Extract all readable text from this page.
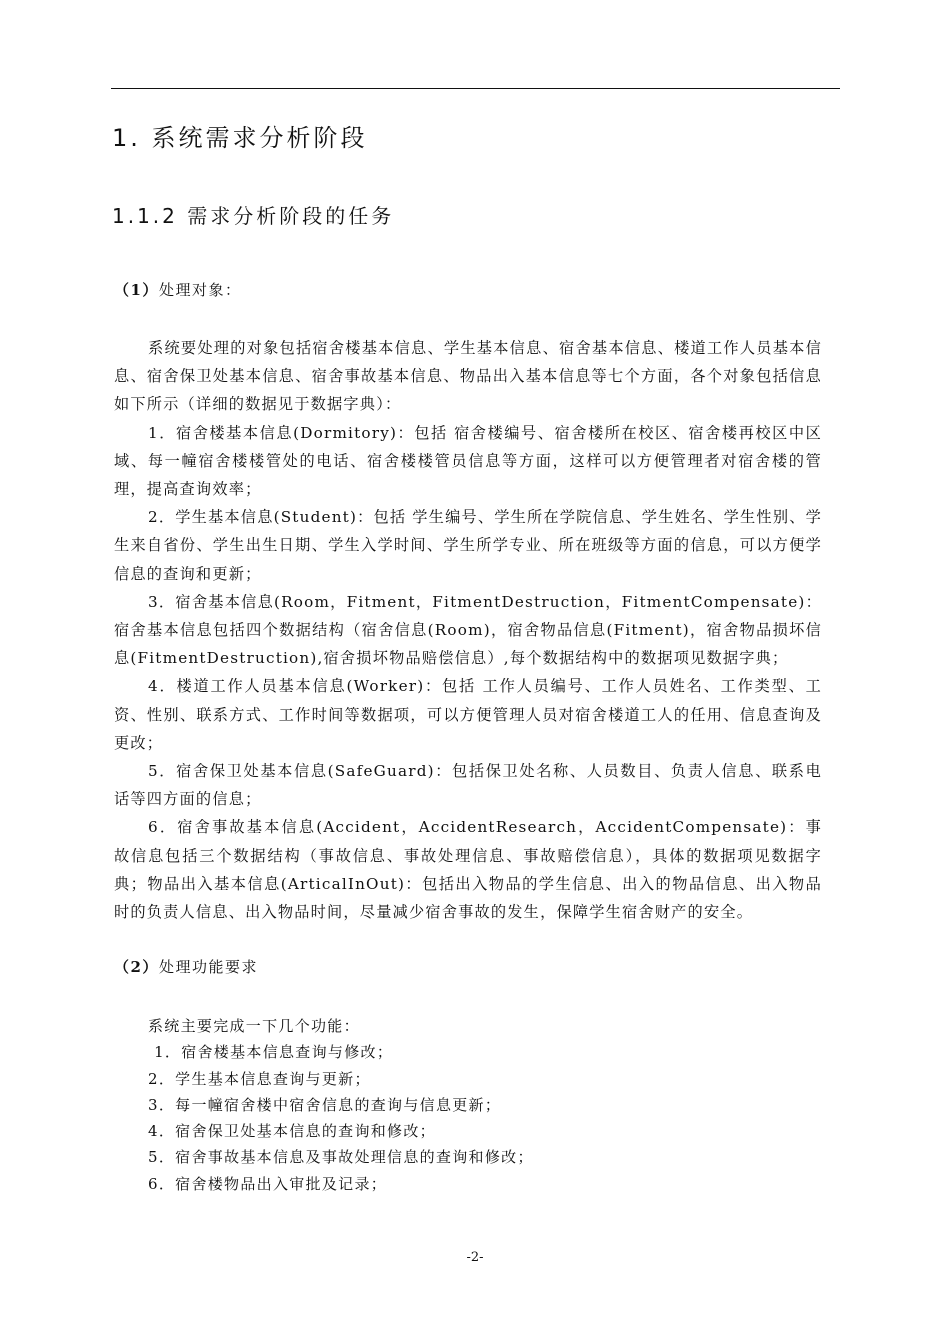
1. 系统需求分析阶段
1.1.2 需求分析阶段的任务
（1）处理对象：

系统要处理的对象包括宿舍楼基本信息、学生基本信息、宿舍基本信息、楼道工作人员基本信息、宿舍保卫处基本信息、宿舍事故基本信息、物品出入基本信息等七个方面，各个对象包括信息如下所示（详细的数据见于数据字典）：

1．宿舍楼基本信息(Dormitory)：包括 宿舍楼编号、宿舍楼所在校区、宿舍楼再校区中区域、每一幢宿舍楼楼管处的电话、宿舍楼楼管员信息等方面，这样可以方便管理者对宿舍楼的管理，提高查询效率；

2．学生基本信息(Student)：包括 学生编号、学生所在学院信息、学生姓名、学生性别、学生来自省份、学生出生日期、学生入学时间、学生所学专业、所在班级等方面的信息，可以方便学信息的查询和更新；

3．宿舍基本信息(Room，Fitment，FitmentDestruction，FitmentCompensate)：宿舍基本信息包括四个数据结构（宿舍信息(Room)，宿舍物品信息(Fitment)，宿舍物品损坏信息(FitmentDestruction),宿舍损坏物品赔偿信息）,每个数据结构中的数据项见数据字典；

4．楼道工作人员基本信息(Worker)：包括 工作人员编号、工作人员姓名、工作类型、工资、性别、联系方式、工作时间等数据项，可以方便管理人员对宿舍楼道工人的任用、信息查询及更改；

5．宿舍保卫处基本信息(SafeGuard)：包括保卫处名称、人员数目、负责人信息、联系电话等四方面的信息；

6．宿舍事故基本信息(Accident，AccidentResearch，AccidentCompensate)：事故信息包括三个数据结构（事故信息、事故处理信息、事故赔偿信息），具体的数据项见数据字典；物品出入基本信息(ArticalInOut)：包括出入物品的学生信息、出入的物品信息、出入物品时的负责人信息、出入物品时间，尽量减少宿舍事故的发生，保障学生宿舍财产的安全。

（2）处理功能要求
系统主要完成一下几个功能：
1．宿舍楼基本信息查询与修改；
2．学生基本信息查询与更新；
3．每一幢宿舍楼中宿舍信息的查询与信息更新；
4．宿舍保卫处基本信息的查询和修改；
5．宿舍事故基本信息及事故处理信息的查询和修改；
6．宿舍楼物品出入审批及记录；
-2-
